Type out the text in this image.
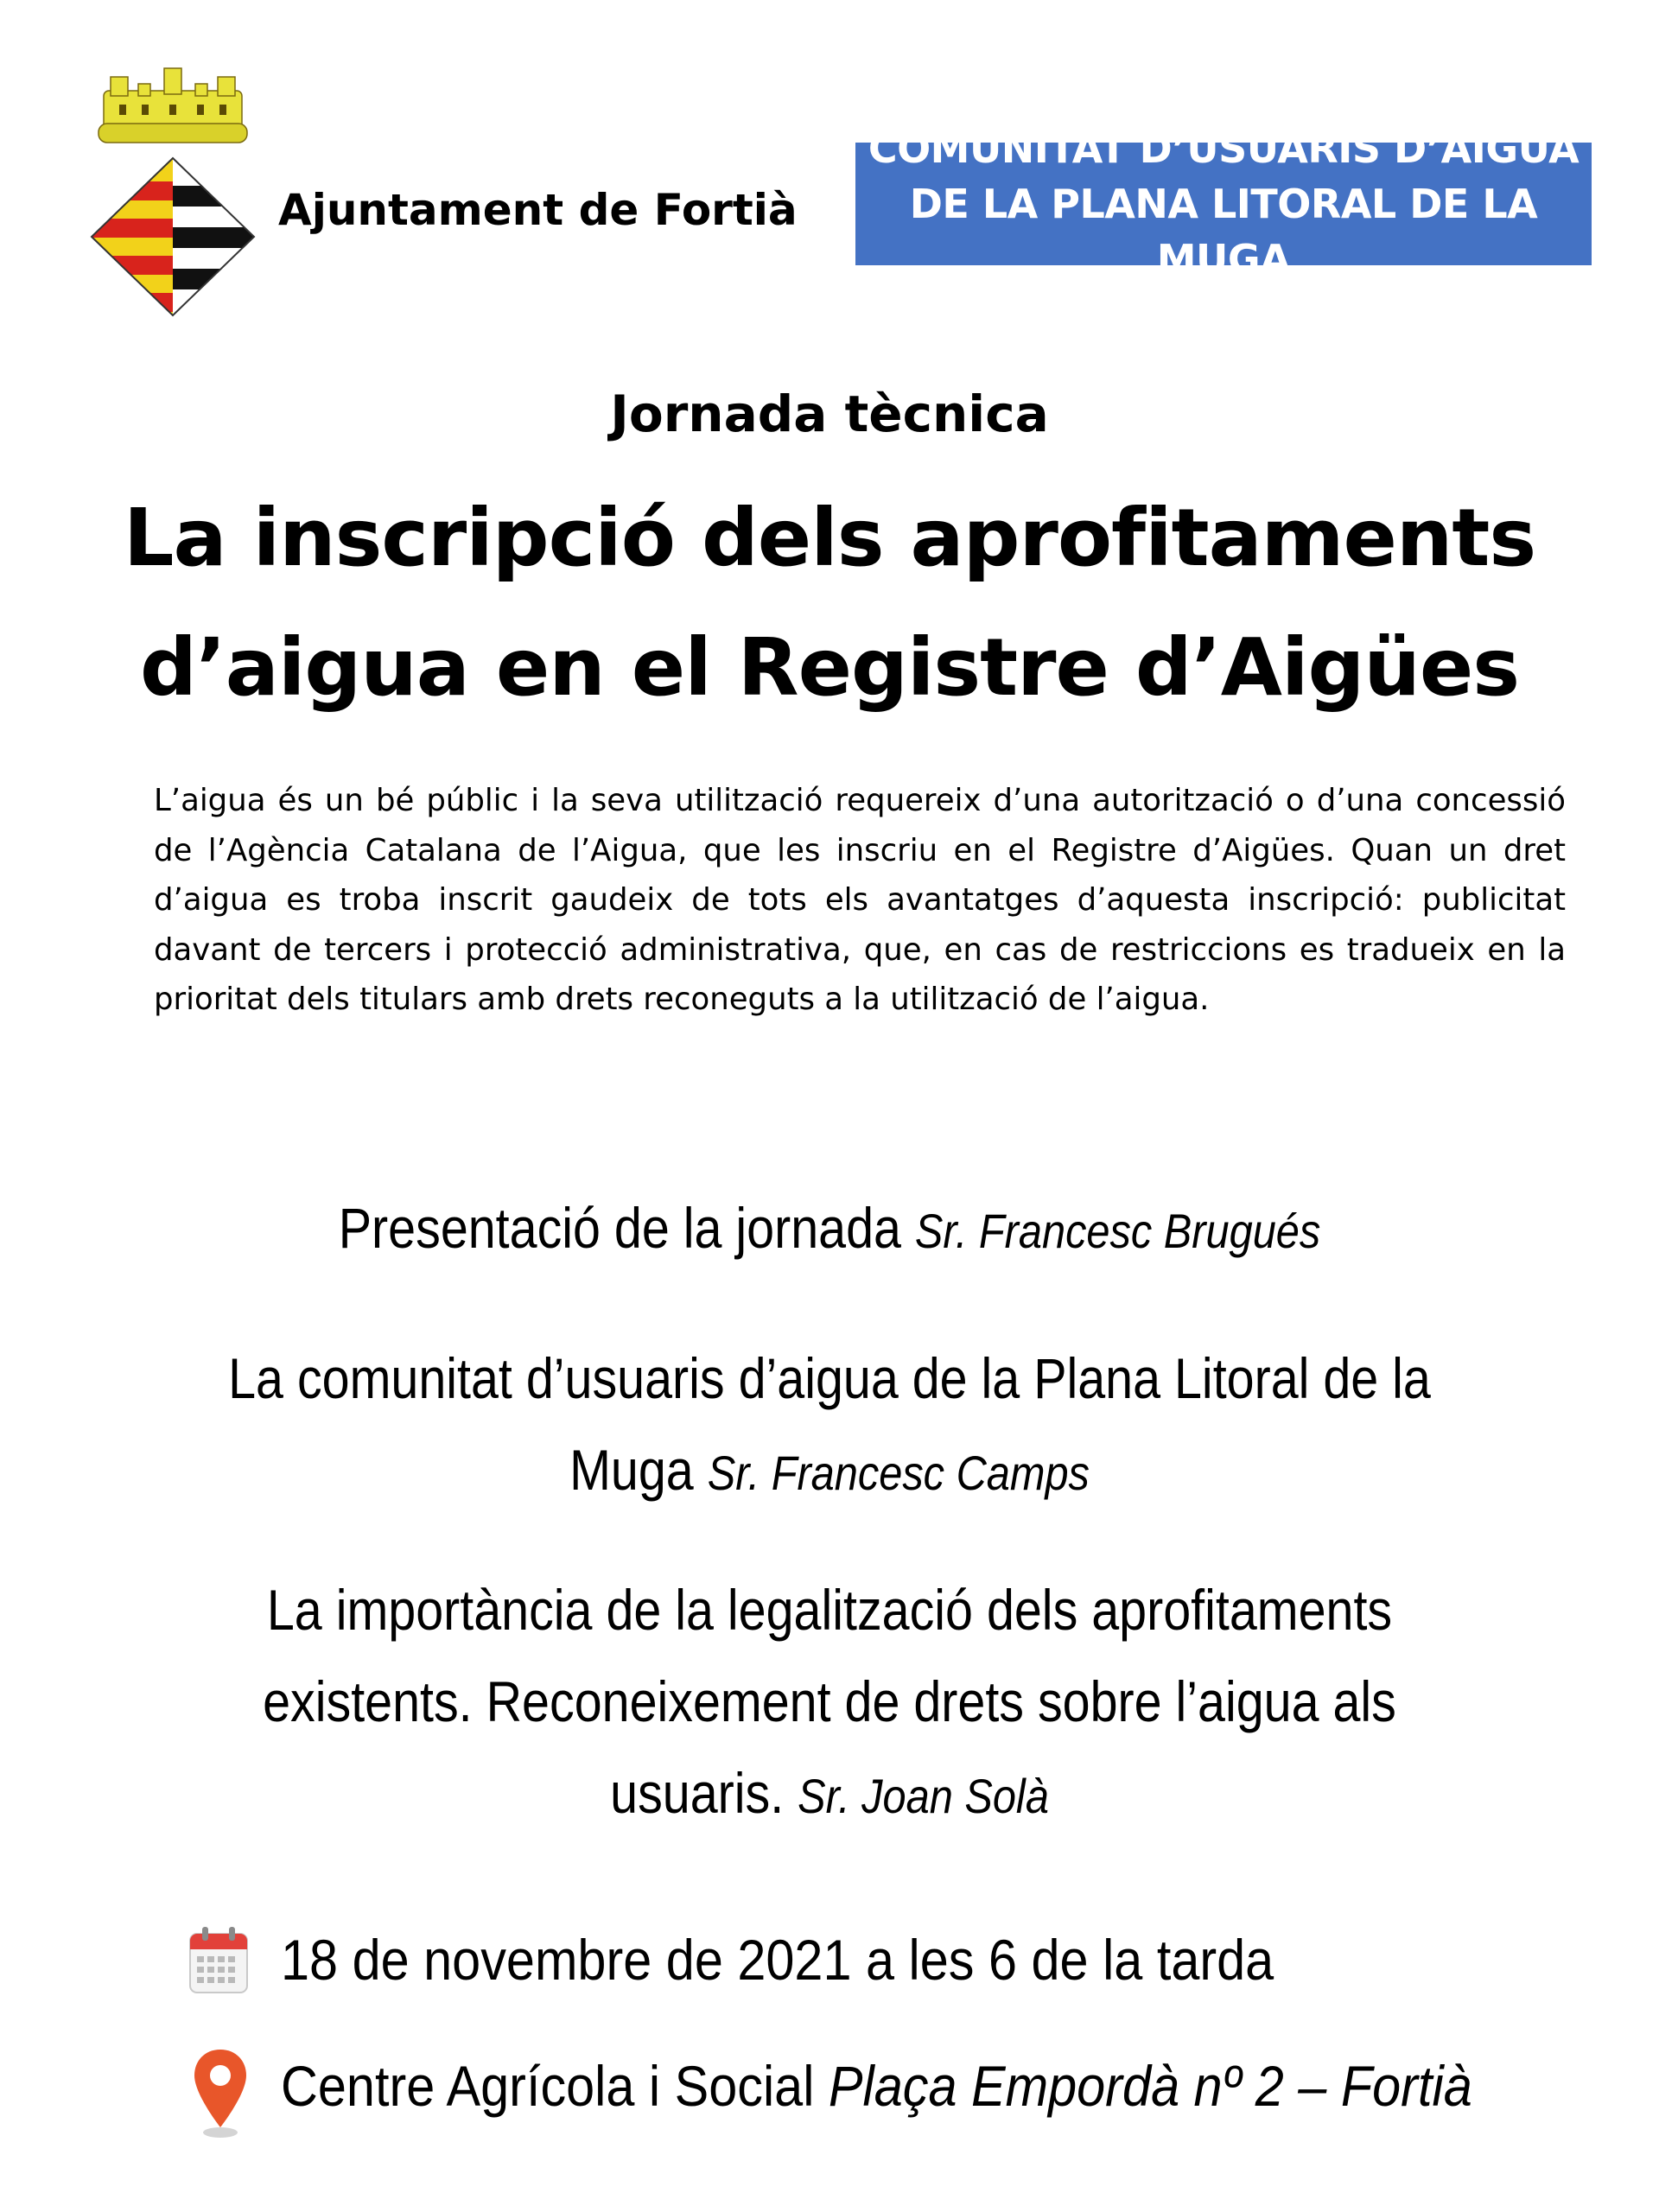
Ajuntament de Fortià
COMUNITAT D’USUARIS D’AIGUA
DE LA PLANA LITORAL DE LA MUGA
Jornada tècnica
La inscripció dels aprofitaments
d’aigua en el Registre d’Aigües
L’aigua és un bé públic i la seva utilització requereix d’una autorització o d’una concessió de l’Agència Catalana de l’Aigua, que les inscriu en el Registre d’Aigües. Quan un dret d’aigua es troba inscrit gaudeix de tots els avantatges d’aquesta inscripció: publicitat davant de tercers i protecció administrativa, que, en cas de restriccions es tradueix en la prioritat dels titulars amb drets reconeguts a la utilització de l’aigua.
Presentació de la jornada Sr. Francesc Brugués
La comunitat d’usuaris d’aigua de la Plana Litoral de la Muga Sr. Francesc Camps
La importància de la legalització dels aprofitaments existents. Reconeixement de drets sobre l’aigua als usuaris. Sr. Joan Solà
18 de novembre de 2021 a les 6 de la tarda
Centre Agrícola i Social Plaça Empordà nº 2 – Fortià
